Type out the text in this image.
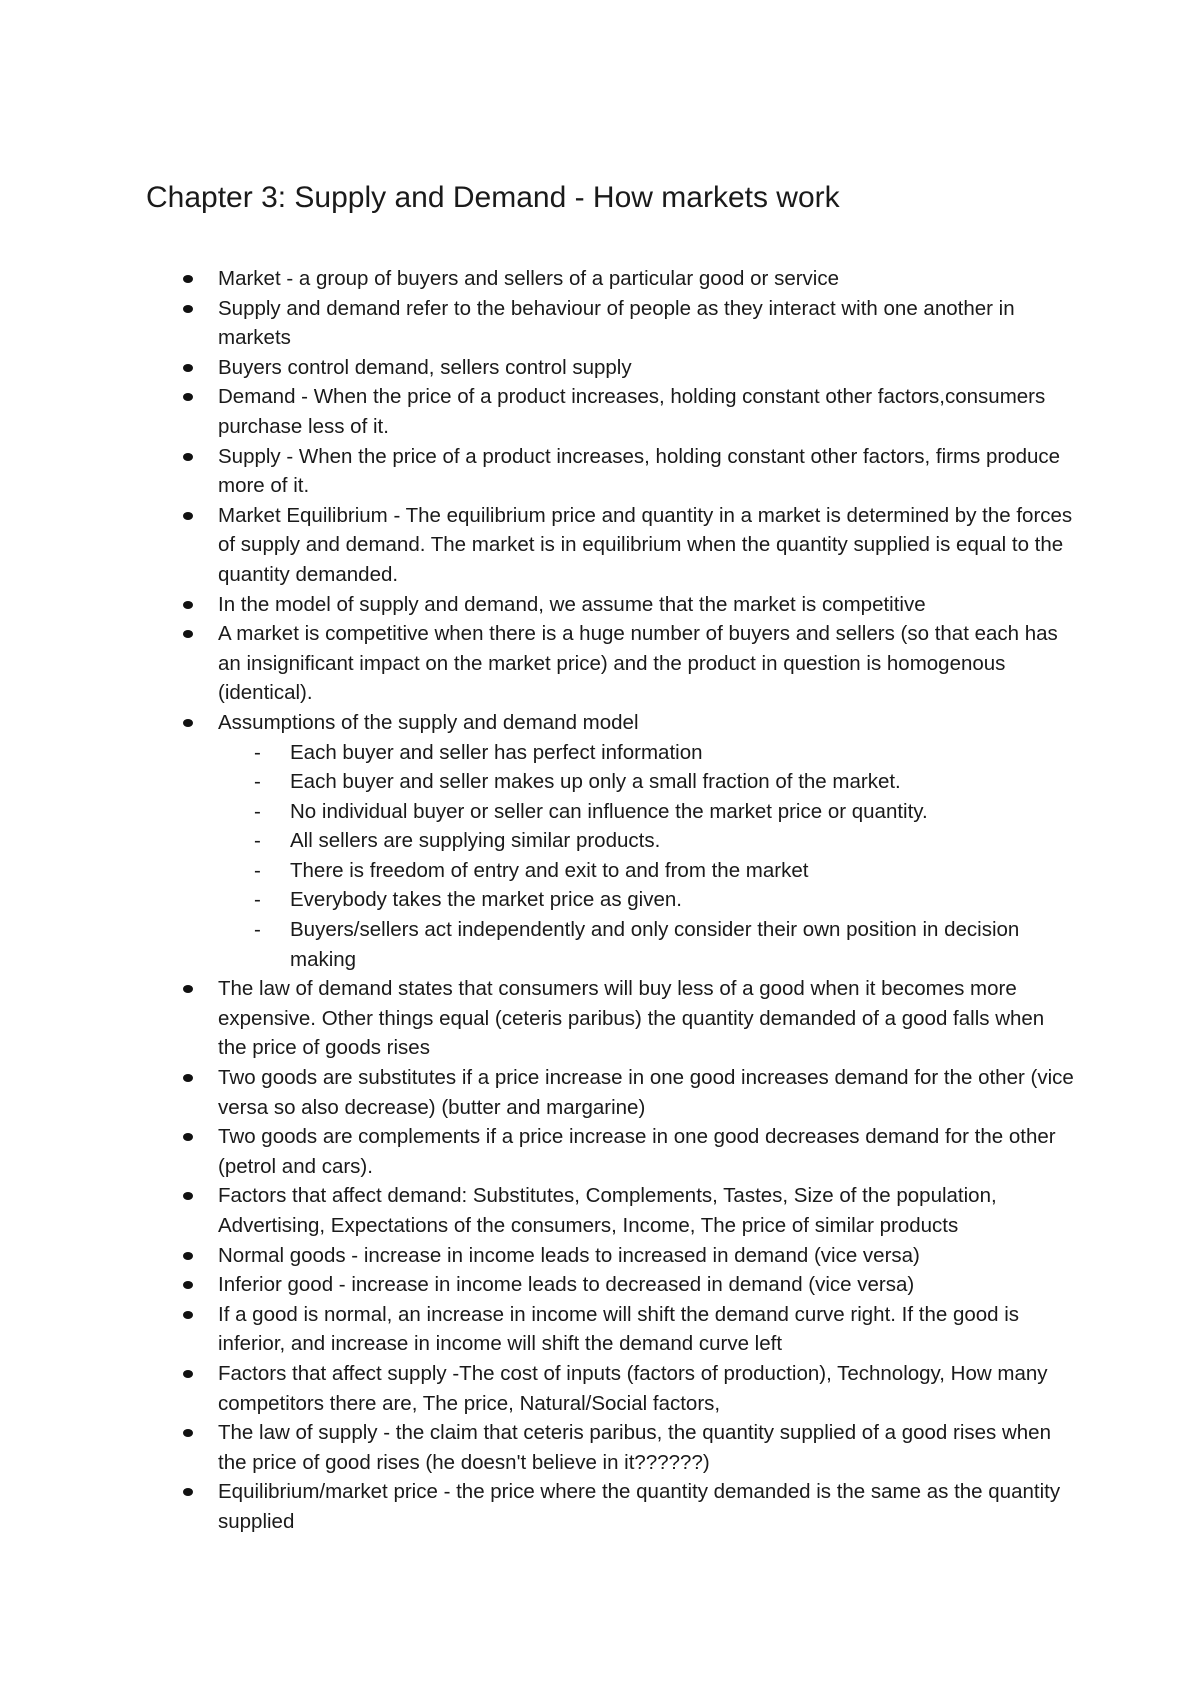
Chapter 3: Supply and Demand - How markets work
Market - a group of buyers and sellers of a particular good or service
Supply and demand refer to the behaviour of people as they interact with one another in markets
Buyers control demand, sellers control supply
Demand - When the price of a product increases, holding constant other factors,consumers purchase less of it.
Supply - When the price of a product increases, holding constant other factors, firms produce more of it.
Market Equilibrium - The equilibrium price and quantity in a market is determined by the forces of supply and demand. The market is in equilibrium when the quantity supplied is equal to the quantity demanded.
In the model of supply and demand, we assume that the market is competitive
A market is competitive when there is a huge number of buyers and sellers (so that each has an insignificant impact on the market price) and the product in question is homogenous (identical).
Assumptions of the supply and demand model
- Each buyer and seller has perfect information
- Each buyer and seller makes up only a small fraction of the market.
- No individual buyer or seller can influence the market price or quantity.
- All sellers are supplying similar products.
- There is freedom of entry and exit to and from the market
- Everybody takes the market price as given.
- Buyers/sellers act independently and only consider their own position in decision making
The law of demand states that consumers will buy less of a good when it becomes more expensive. Other things equal (ceteris paribus) the quantity demanded of a good falls when the price of goods rises
Two goods are substitutes if a price increase in one good increases demand for the other (vice versa so also decrease) (butter and margarine)
Two goods are complements if a price increase in one good decreases demand for the other (petrol and cars).
Factors that affect demand: Substitutes, Complements, Tastes, Size of the population, Advertising, Expectations of the consumers, Income, The price of similar products
Normal goods - increase in income leads to increased in demand (vice versa)
Inferior good - increase in income leads to decreased in demand (vice versa)
If a good is normal, an increase in income will shift the demand curve right. If the good is inferior, and increase in income will shift the demand curve left
Factors that affect supply -The cost of inputs (factors of production), Technology, How many competitors there are, The price, Natural/Social factors,
The law of supply - the claim that ceteris paribus, the quantity supplied of a good rises when the price of good rises (he doesn't believe in it??????)
Equilibrium/market price - the price where the quantity demanded is the same as the quantity supplied
